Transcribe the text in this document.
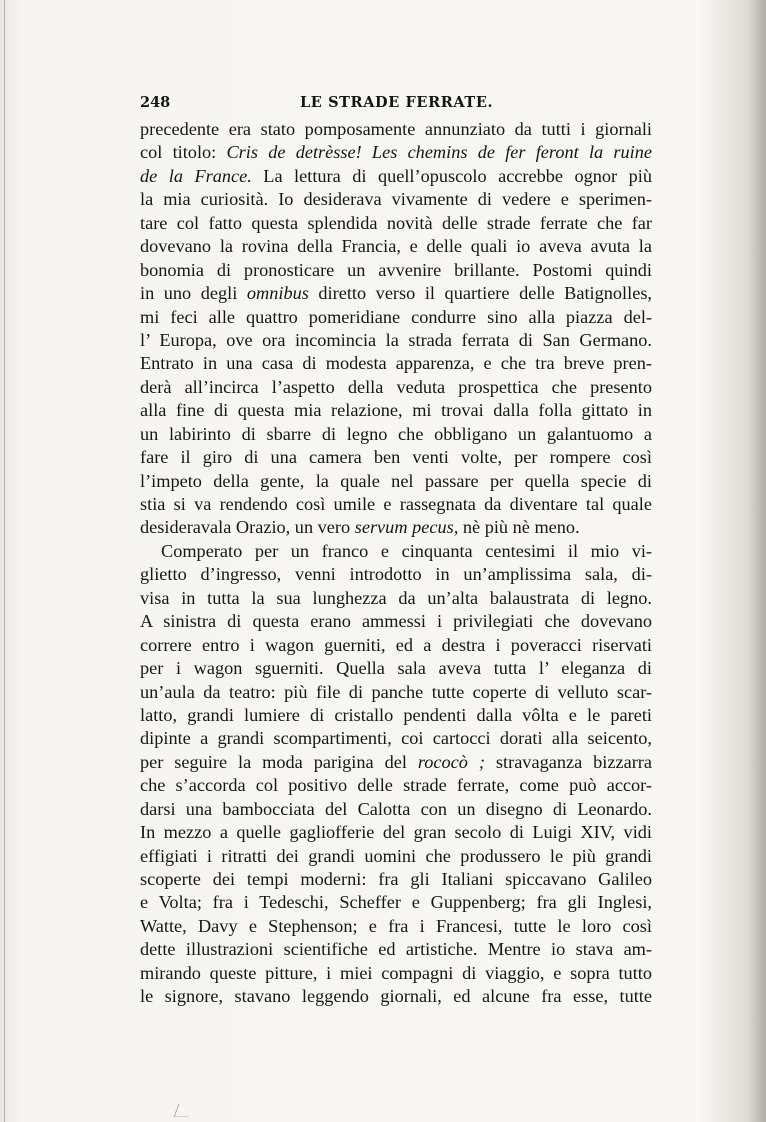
248	LE STRADE FERRATE.
precedente era stato pomposamente annunziato da tutti i giornali
col titolo: Cris de detrèsse! Les chemins de fer feront la ruine
de la France. La lettura di quell’opuscolo accrebbe ognor più
la mia curiosità. Io desiderava vivamente di vedere e sperimen-
tare col fatto questa splendida novità delle strade ferrate che far
dovevano la rovina della Francia, e delle quali io aveva avuta la
bonomia di pronosticare un avvenire brillante. Postomi quindi
in uno degli omnibus diretto verso il quartiere delle Batignolles,
mi feci alle quattro pomeridiane condurre sino alla piazza del-
l’ Europa, ove ora incomincia la strada ferrata di San Germano.
Entrato in una casa di modesta apparenza, e che tra breve pren-
derà all’incirca l’aspetto della veduta prospettica che presento
alla fine di questa mia relazione, mi trovai dalla folla gittato in
un labirinto di sbarre di legno che obbligano un galantuomo a
fare il giro di una camera ben venti volte, per rompere così
l’impeto della gente, la quale nel passare per quella specie di
stia si va rendendo così umile e rassegnata da diventare tal quale
desideravala Orazio, un vero servum pecus, nè più nè meno.
Comperato per un franco e cinquanta centesimi il mio vi-
glietto d’ingresso, venni introdotto in un’amplissima sala, di-
visa in tutta la sua lunghezza da un’alta balaustrata di legno.
A sinistra di questa erano ammessi i privilegiati che dovevano
correre entro i wagon guerniti, ed a destra i poveracci riservati
per i wagon sguerniti. Quella sala aveva tutta l’ eleganza di
un’aula da teatro: più file di panche tutte coperte di velluto scar-
latto, grandi lumiere di cristallo pendenti dalla vôlta e le pareti
dipinte a grandi scompartimenti, coi cartocci dorati alla seicento,
per seguire la moda parigina del rococò ; stravaganza bizzarra
che s’accorda col positivo delle strade ferrate, come può accor-
darsi una bambocciata del Calotta con un disegno di Leonardo.
In mezzo a quelle gagliofferie del gran secolo di Luigi XIV, vidi
effigiati i ritratti dei grandi uomini che produssero le più grandi
scoperte dei tempi moderni: fra gli Italiani spiccavano Galileo
e Volta; fra i Tedeschi, Scheffer e Guppenberg; fra gli Inglesi,
Watte, Davy e Stephenson; e fra i Francesi, tutte le loro così
dette illustrazioni scientifiche ed artistiche. Mentre io stava am-
mirando queste pitture, i miei compagni di viaggio, e sopra tutto
le signore, stavano leggendo giornali, ed alcune fra esse, tutte
